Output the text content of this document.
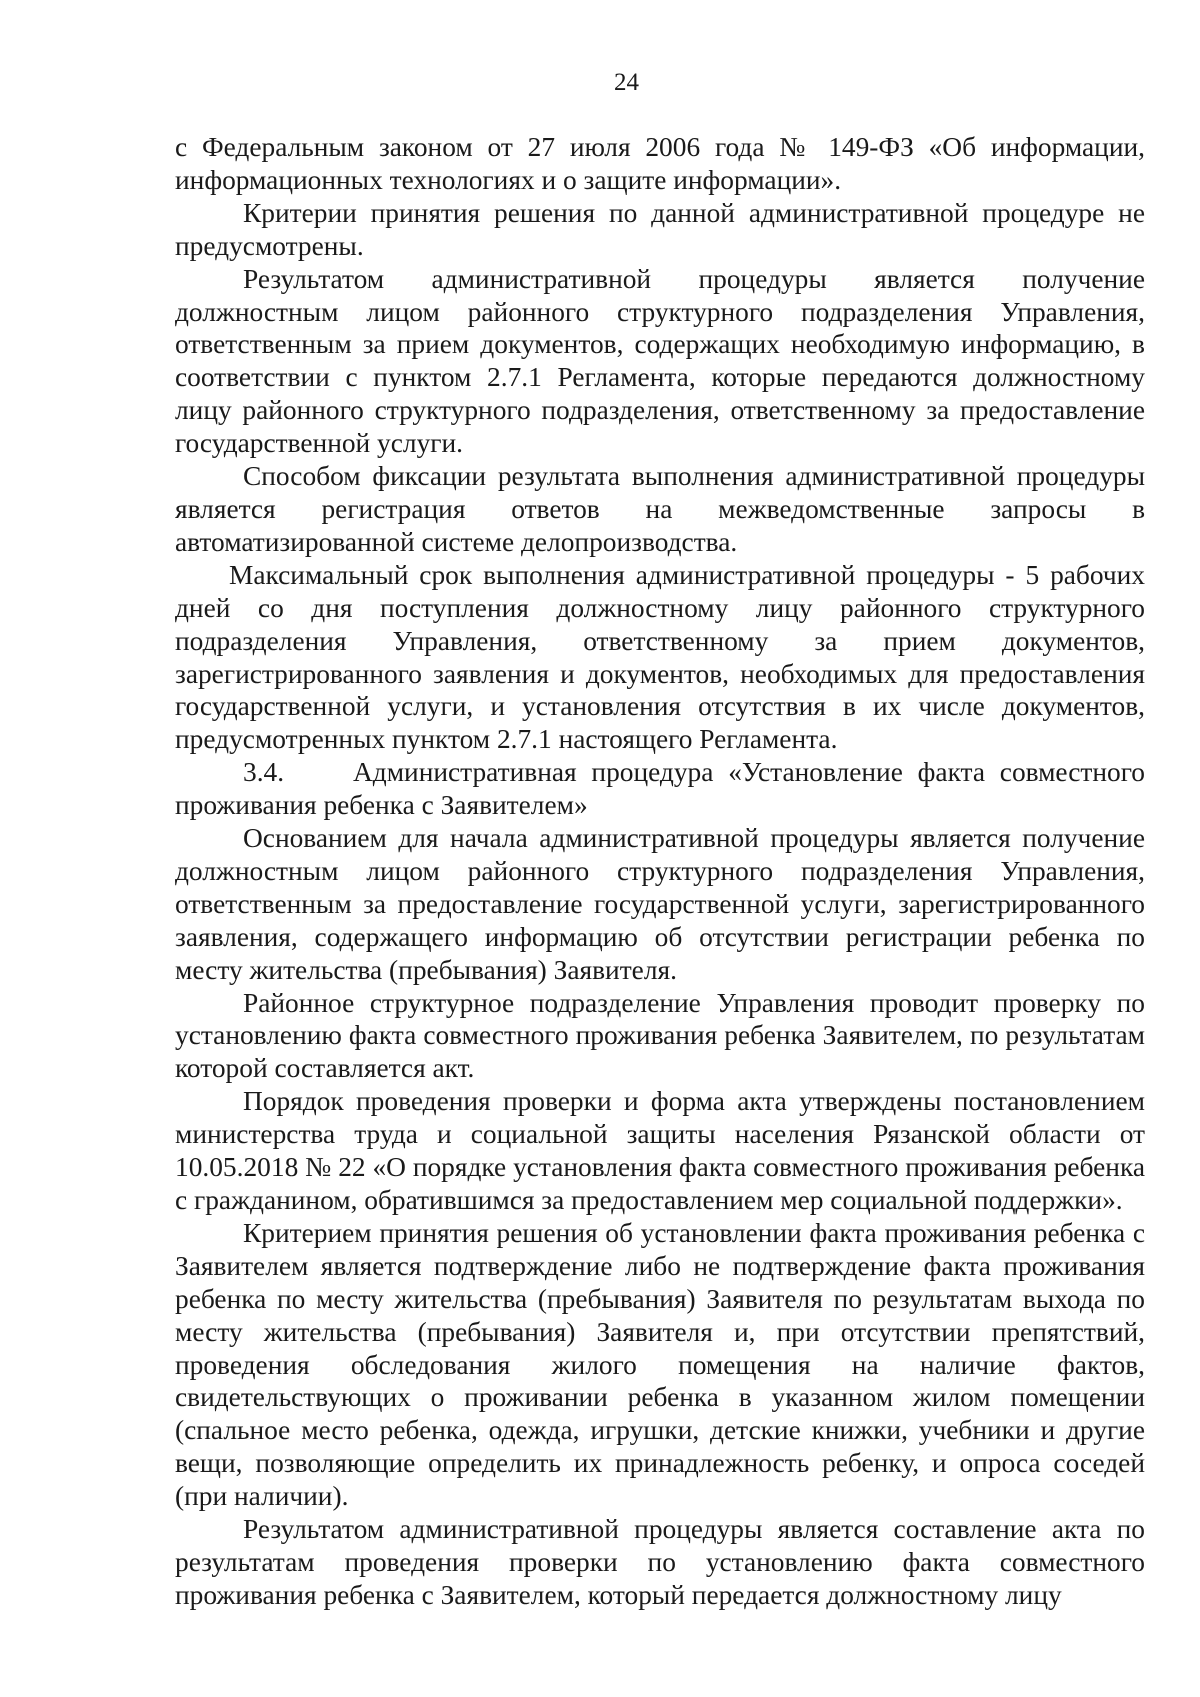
24

с Федеральным законом от 27 июля 2006 года № 149-ФЗ «Об информации, информационных технологиях и о защите информации».

Критерии принятия решения по данной административной процедуре не предусмотрены.

Результатом административной процедуры является получение должностным лицом районного структурного подразделения Управления, ответственным за прием документов, содержащих необходимую информацию, в соответствии с пунктом 2.7.1 Регламента, которые передаются должностному лицу районного структурного подразделения, ответственному за предоставление государственной услуги.

Способом фиксации результата выполнения административной процедуры является регистрация ответов на межведомственные запросы в автоматизированной системе делопроизводства.

Максимальный срок выполнения административной процедуры - 5 рабочих дней со дня поступления должностному лицу районного структурного подразделения Управления, ответственному за прием документов, зарегистрированного заявления и документов, необходимых для предоставления государственной услуги, и установления отсутствия в их числе документов, предусмотренных пунктом 2.7.1 настоящего Регламента.

3.4.	Административная процедура «Установление факта совместного проживания ребенка с Заявителем»

Основанием для начала административной процедуры является получение должностным лицом районного структурного подразделения Управления, ответственным за предоставление государственной услуги, зарегистрированного заявления, содержащего информацию об отсутствии регистрации ребенка по месту жительства (пребывания) Заявителя.

Районное структурное подразделение Управления проводит проверку по установлению факта совместного проживания ребенка Заявителем, по результатам которой составляется акт.

Порядок проведения проверки и форма акта утверждены постановлением министерства труда и социальной защиты населения Рязанской области от 10.05.2018 № 22 «О порядке установления факта совместного проживания ребенка с гражданином, обратившимся за предоставлением мер социальной поддержки».

Критерием принятия решения об установлении факта проживания ребенка с Заявителем является подтверждение либо не подтверждение факта проживания ребенка по месту жительства (пребывания) Заявителя по результатам выхода по месту жительства (пребывания) Заявителя и, при отсутствии препятствий, проведения обследования жилого помещения на наличие фактов, свидетельствующих о проживании ребенка в указанном жилом помещении (спальное место ребенка, одежда, игрушки, детские книжки, учебники и другие вещи, позволяющие определить их принадлежность ребенку, и опроса соседей (при наличии).

Результатом административной процедуры является составление акта по результатам проведения проверки по установлению факта совместного проживания ребенка с Заявителем, который передается должностному лицу
